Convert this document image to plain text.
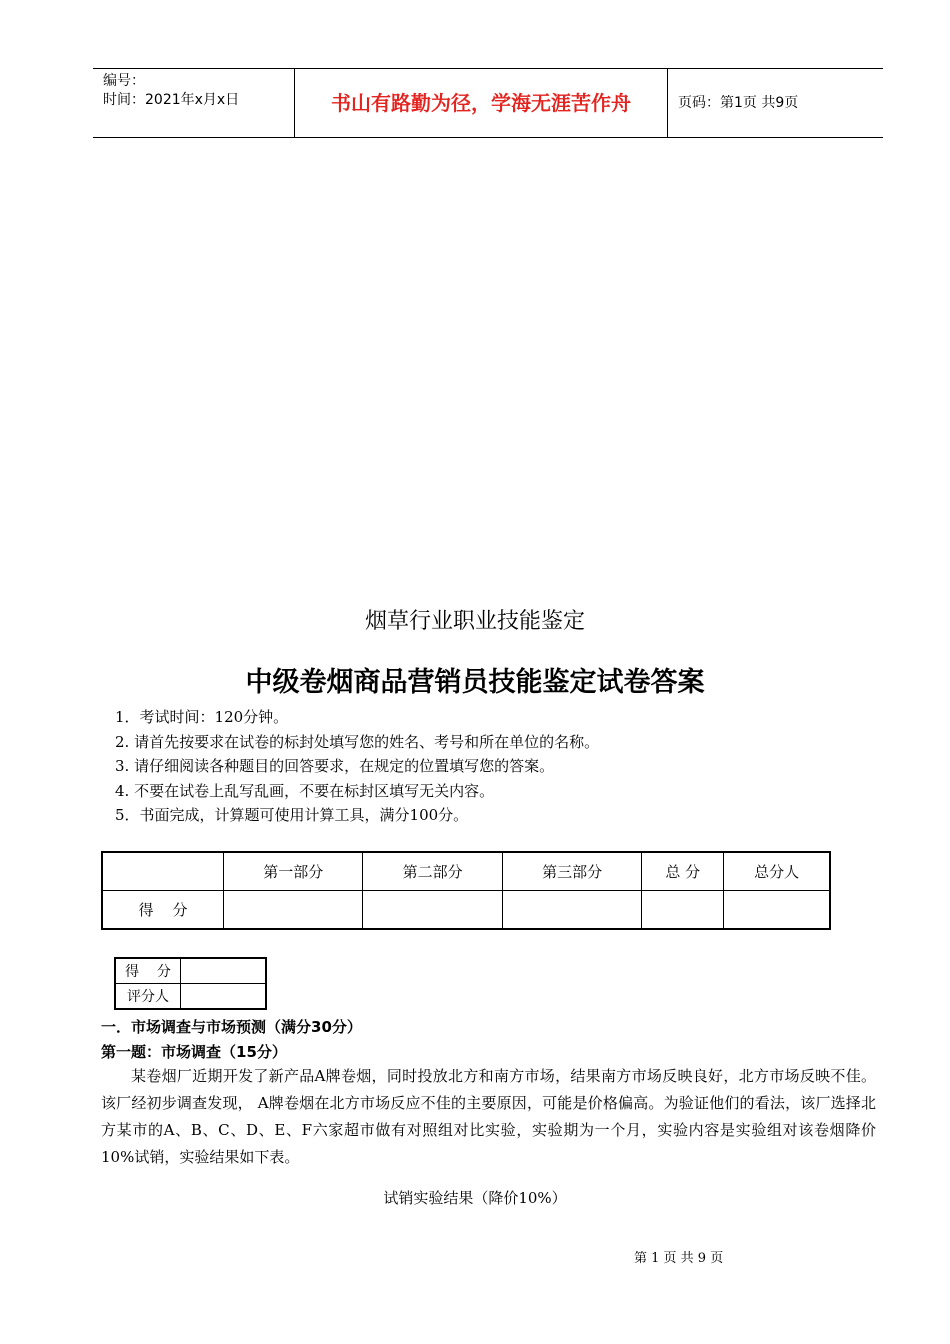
编号：
时间：2021年x月x日	书山有路勤为径，学海无涯苦作舟	页码：第1页 共9页
烟草行业职业技能鉴定
中级卷烟商品营销员技能鉴定试卷答案
1．考试时间：120分钟。
2. 请首先按要求在试卷的标封处填写您的姓名、考号和所在单位的名称。
3. 请仔细阅读各种题目的回答要求，在规定的位置填写您的答案。
4. 不要在试卷上乱写乱画，不要在标封区填写无关内容。
5．书面完成，计算题可使用计算工具，满分100分。
	第一部分	第二部分	第三部分	总 分	总分人
得    分					
得    分	
评分人	
一．市场调查与市场预测（满分30分）
第一题：市场调查（15分）
某卷烟厂近期开发了新产品A牌卷烟，同时投放北方和南方市场，结果南方市场反映良好，北方市场反映不佳。该厂经初步调查发现， A牌卷烟在北方市场反应不佳的主要原因，可能是价格偏高。为验证他们的看法，该厂选择北方某市的A、B、C、D、E、F六家超市做有对照组对比实验，实验期为一个月，实验内容是实验组对该卷烟降价10%试销，实验结果如下表。
试销实验结果（降价10%）
第 1 页 共 9 页
